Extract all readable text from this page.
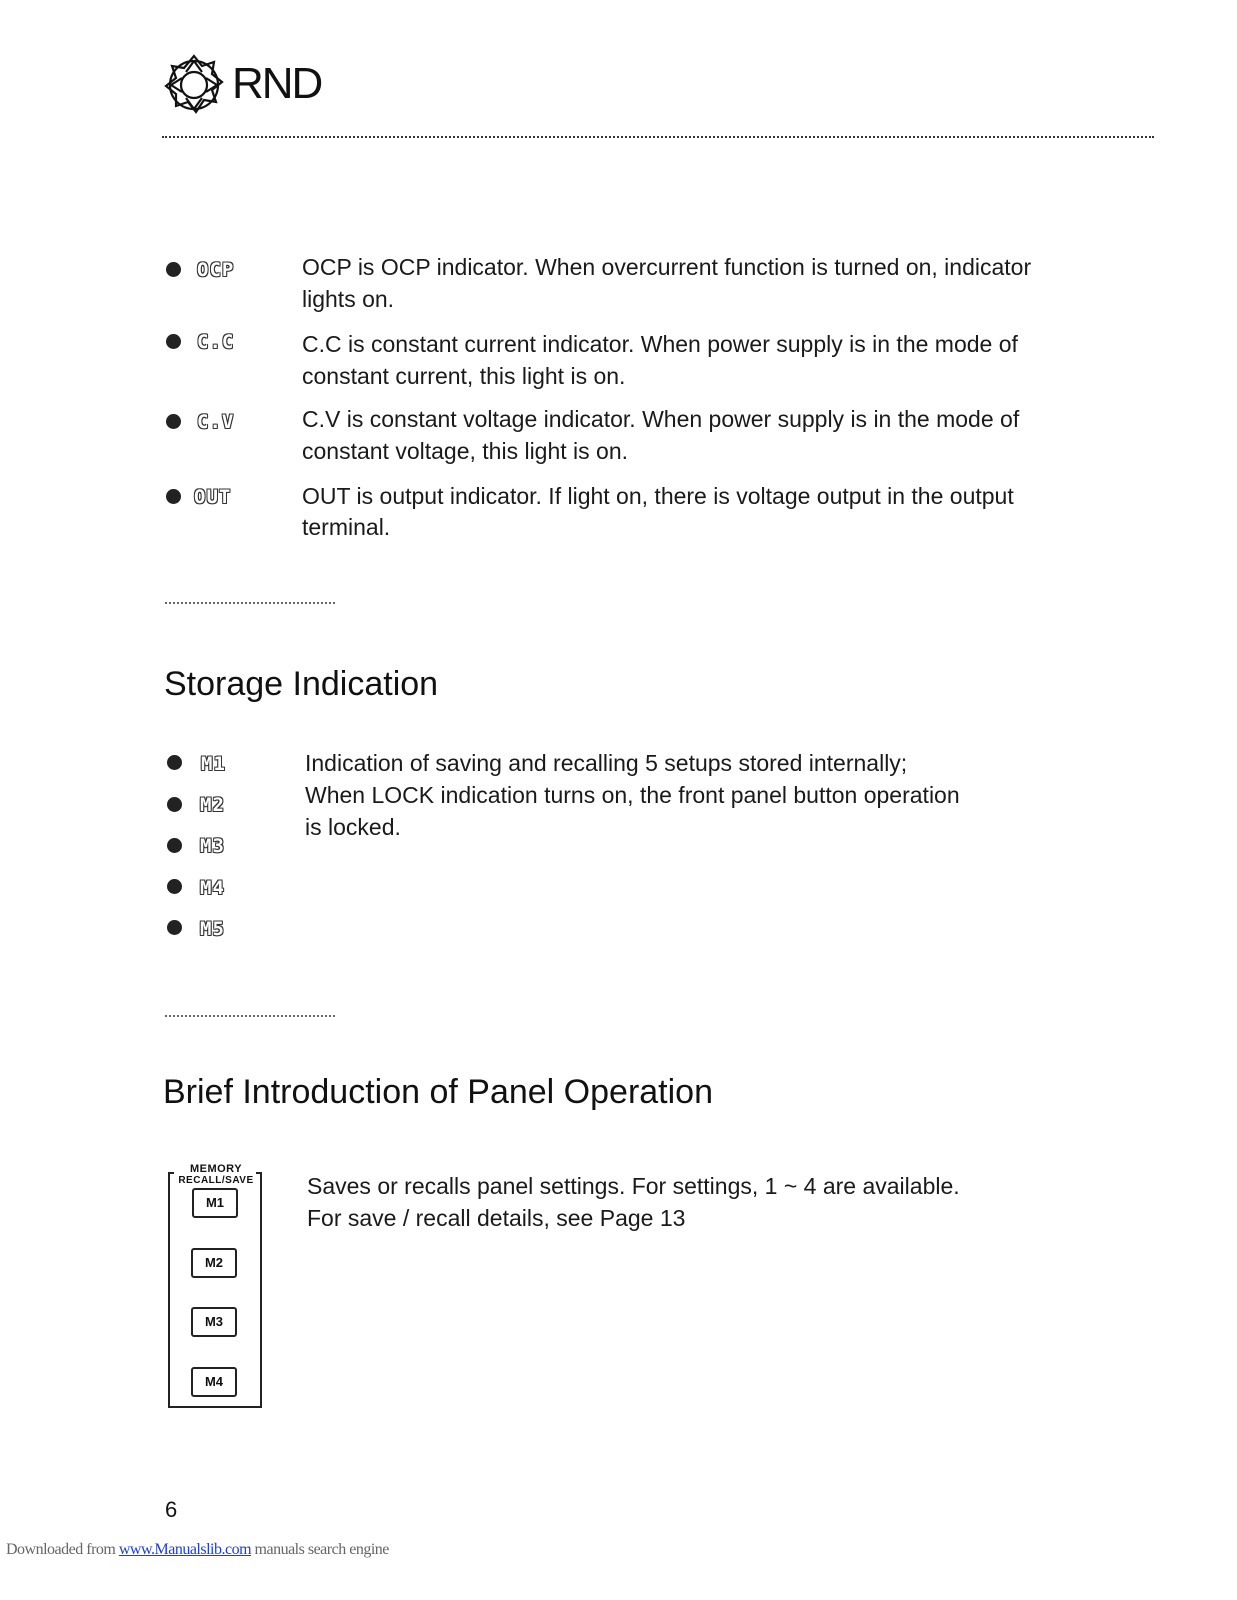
RND
OCP	OCP is OCP indicator. When overcurrent function is turned on, indicator
lights on.
C.C	C.C is constant current indicator. When power supply is in the mode of
constant current, this light is on.
C.V	C.V is constant voltage indicator. When power supply is in the mode of
constant voltage, this light is on.
OUT	OUT is output indicator. If light on, there is voltage output in the output
terminal.
Storage Indication
M1
M2
M3
M4
M5
Indication of saving and recalling 5 setups stored internally;
When LOCK indication turns on, the front panel button operation
is locked.
Brief Introduction of Panel Operation
MEMORY
RECALL/SAVE
M1
M2
M3
M4
Saves or recalls panel settings. For settings, 1 ~ 4 are available.
For save / recall details, see Page 13
6
Downloaded from www.Manualslib.com manuals search engine
